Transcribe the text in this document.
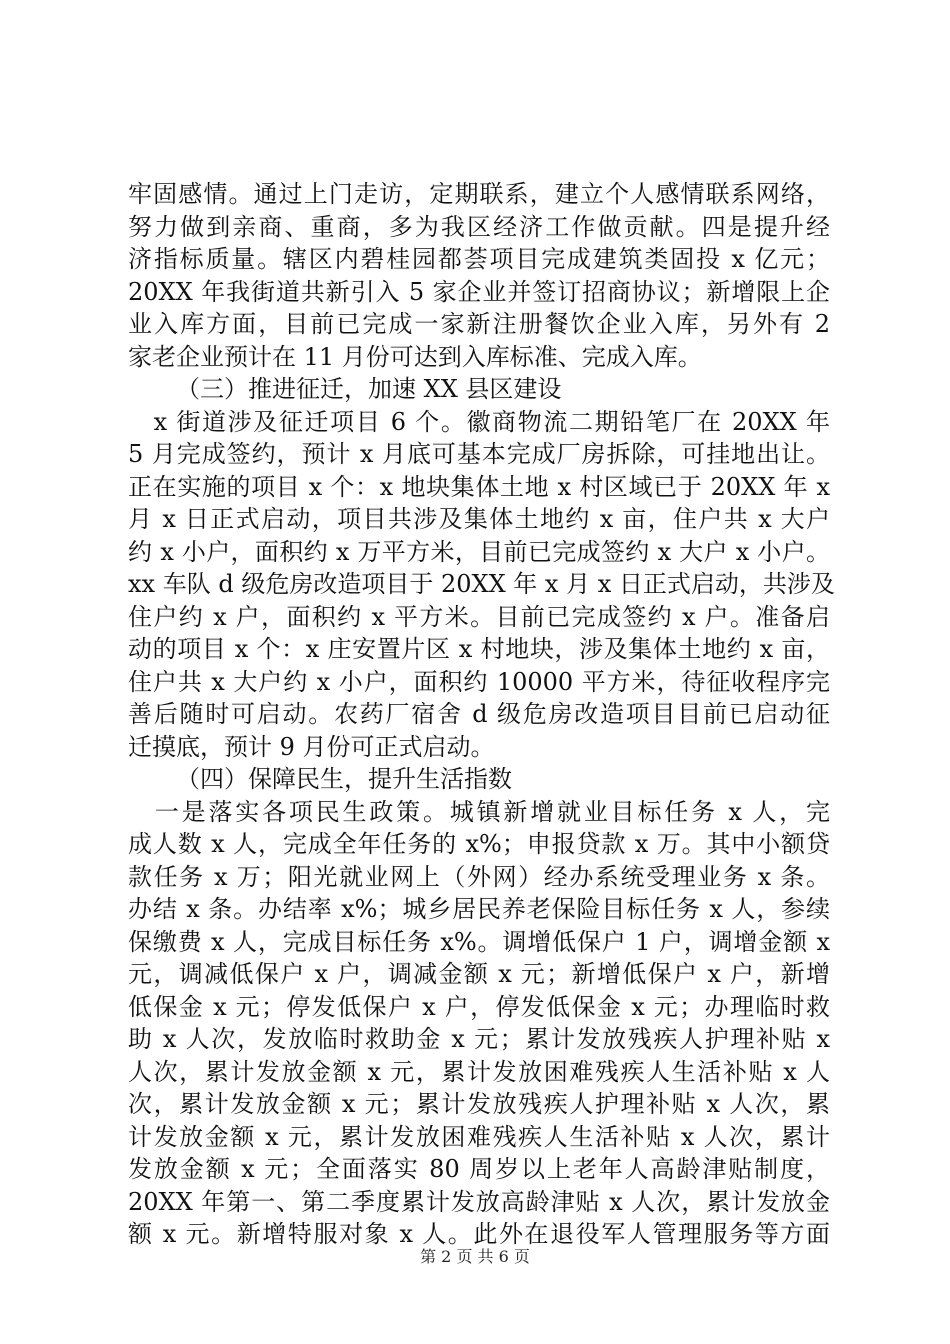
牢固感情。通过上门走访，定期联系，建立个人感情联系网络，
努力做到亲商、重商，多为我区经济工作做贡献。四是提升经
济指标质量。辖区内碧桂园都荟项目完成建筑类固投 x 亿元；
20XX 年我街道共新引入 5 家企业并签订招商协议；新增限上企
业入库方面，目前已完成一家新注册餐饮企业入库，另外有 2
家老企业预计在 11 月份可达到入库标准、完成入库。
（三）推进征迁，加速 XX 县区建设
　x 街道涉及征迁项目 6 个。徽商物流二期铅笔厂在 20XX 年
5 月完成签约，预计 x 月底可基本完成厂房拆除，可挂地出让。
正在实施的项目 x 个：x 地块集体土地 x 村区域已于 20XX 年 x
月 x 日正式启动，项目共涉及集体土地约 x 亩，住户共 x 大户
约 x 小户，面积约 x 万平方米，目前已完成签约 x 大户 x 小户。
xx 车队 d 级危房改造项目于 20XX 年 x 月 x 日正式启动，共涉及
住户约 x 户，面积约 x 平方米。目前已完成签约 x 户。准备启
动的项目 x 个：x 庄安置片区 x 村地块，涉及集体土地约 x 亩，
住户共 x 大户约 x 小户，面积约 10000 平方米，待征收程序完
善后随时可启动。农药厂宿舍 d 级危房改造项目目前已启动征
迁摸底，预计 9 月份可正式启动。
（四）保障民生，提升生活指数
　一是落实各项民生政策。城镇新增就业目标任务 x 人，完
成人数 x 人，完成全年任务的 x%；申报贷款 x 万。其中小额贷
款任务 x 万；阳光就业网上（外网）经办系统受理业务 x 条。
办结 x 条。办结率 x%；城乡居民养老保险目标任务 x 人，参续
保缴费 x 人，完成目标任务 x%。调增低保户 1 户，调增金额 x
元，调减低保户 x 户，调减金额 x 元；新增低保户 x 户，新增
低保金 x 元；停发低保户 x 户，停发低保金 x 元；办理临时救
助 x 人次，发放临时救助金 x 元；累计发放残疾人护理补贴 x
人次，累计发放金额 x 元，累计发放困难残疾人生活补贴 x 人
次，累计发放金额 x 元；累计发放残疾人护理补贴 x 人次，累
计发放金额 x 元，累计发放困难残疾人生活补贴 x 人次，累计
发放金额 x 元；全面落实 80 周岁以上老年人高龄津贴制度，
20XX 年第一、第二季度累计发放高龄津贴 x 人次，累计发放金
额 x 元。新增特服对象 x 人。此外在退役军人管理服务等方面
第 2 页 共 6 页
